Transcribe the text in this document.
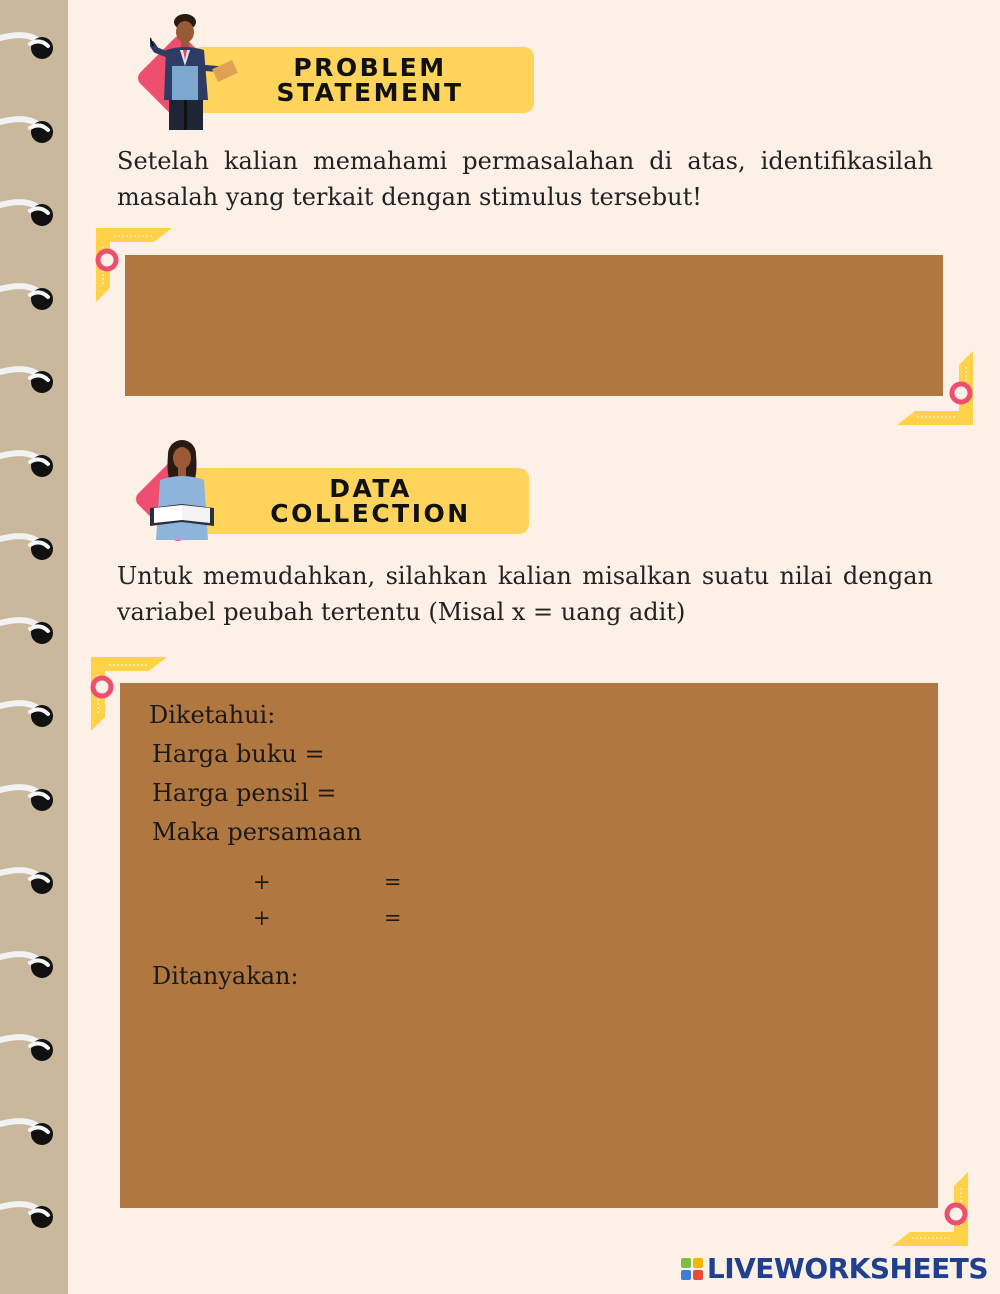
PROBLEM
STATEMENT
Setelah kalian memahami permasalahan di atas, identifikasilah masalah yang terkait dengan stimulus tersebut!
DATA
COLLECTION
Untuk memudahkan, silahkan kalian misalkan suatu nilai dengan variabel peubah tertentu (Misal x = uang adit)
Diketahui:
Harga buku =
Harga pensil =
Maka persamaan
+	=
+	=
Ditanyakan:
LIVEWORKSHEETS
